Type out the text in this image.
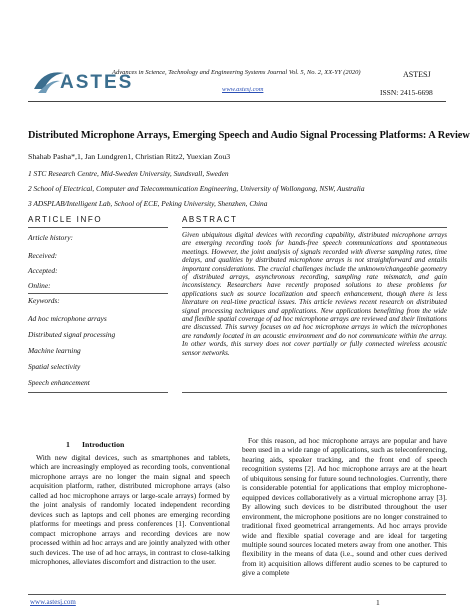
ASTES
Advances in Science, Technology and Engineering Systems Journal Vol. 5, No. 2, XX-YY (2020)
www.astesj.com
ASTESJ
ISSN: 2415-6698
Distributed Microphone Arrays, Emerging Speech and Audio Signal Processing Platforms: A Review
Shahab Pasha*,1, Jan Lundgren1, Christian Ritz2, Yuexian Zou3
1 STC Research Centre, Mid-Sweden University, Sundsvall, Sweden
2 School of Electrical, Computer and Telecommunication Engineering, University of Wollongong, NSW, Australia
3 ADSPLAB/Intelligent Lab, School of ECE, Peking University, Shenzhen, China
ARTICLE INFO	ABSTRACT
Article history:
Received:
Accepted:
Online:
Keywords:
Ad hoc microphone arrays
Distributed signal processing
Machine learning
Spatial selectivity
Speech enhancement
Given ubiquitous digital devices with recording capability, distributed microphone arrays are emerging recording tools for hands-free speech communications and spontaneous meetings. However, the joint analysis of signals recorded with diverse sampling rates, time delays, and qualities by distributed microphone arrays is not straightforward and entails important considerations. The crucial challenges include the unknown/changeable geometry of distributed arrays, asynchronous recording, sampling rate mismatch, and gain inconsistency. Researchers have recently proposed solutions to these problems for applications such as source localization and speech enhancement, though there is less literature on real-time practical issues. This article reviews recent research on distributed signal processing techniques and applications. New applications benefitting from the wide and flexible spatial coverage of ad hoc microphone arrays are reviewed and their limitations are discussed. This survey focuses on ad hoc microphone arrays in which the microphones are randomly located in an acoustic environment and do not communicate within the array. In other words, this survey does not cover partially or fully connected wireless acoustic sensor networks.
1 Introduction
With new digital devices, such as smartphones and tablets, which are increasingly employed as recording tools, conventional microphone arrays are no longer the main signal and speech acquisition platform, rather, distributed microphone arrays (also called ad hoc microphone arrays or large-scale arrays) formed by the joint analysis of randomly located independent recording devices such as laptops and cell phones are emerging recording platforms for meetings and press conferences [1]. Conventional compact microphone arrays and recording devices are now processed within ad hoc arrays and are jointly analyzed with other such devices. The use of ad hoc arrays, in contrast to close-talking microphones, alleviates discomfort and distraction to the user.
For this reason, ad hoc microphone arrays are popular and have been used in a wide range of applications, such as teleconferencing, hearing aids, speaker tracking, and the front end of speech recognition systems [2]. Ad hoc microphone arrays are at the heart of ubiquitous sensing for future sound technologies. Currently, there is considerable potential for applications that employ microphone-equipped devices collaboratively as a virtual microphone array [3]. By allowing such devices to be distributed throughout the user environment, the microphone positions are no longer constrained to traditional fixed geometrical arrangements. Ad hoc arrays provide wide and flexible spatial coverage and are ideal for targeting multiple sound sources located meters away from one another. This flexibility in the means of data (i.e., sound and other cues derived from it) acquisition allows different audio scenes to be captured to give a complete
www.astesj.com	1
